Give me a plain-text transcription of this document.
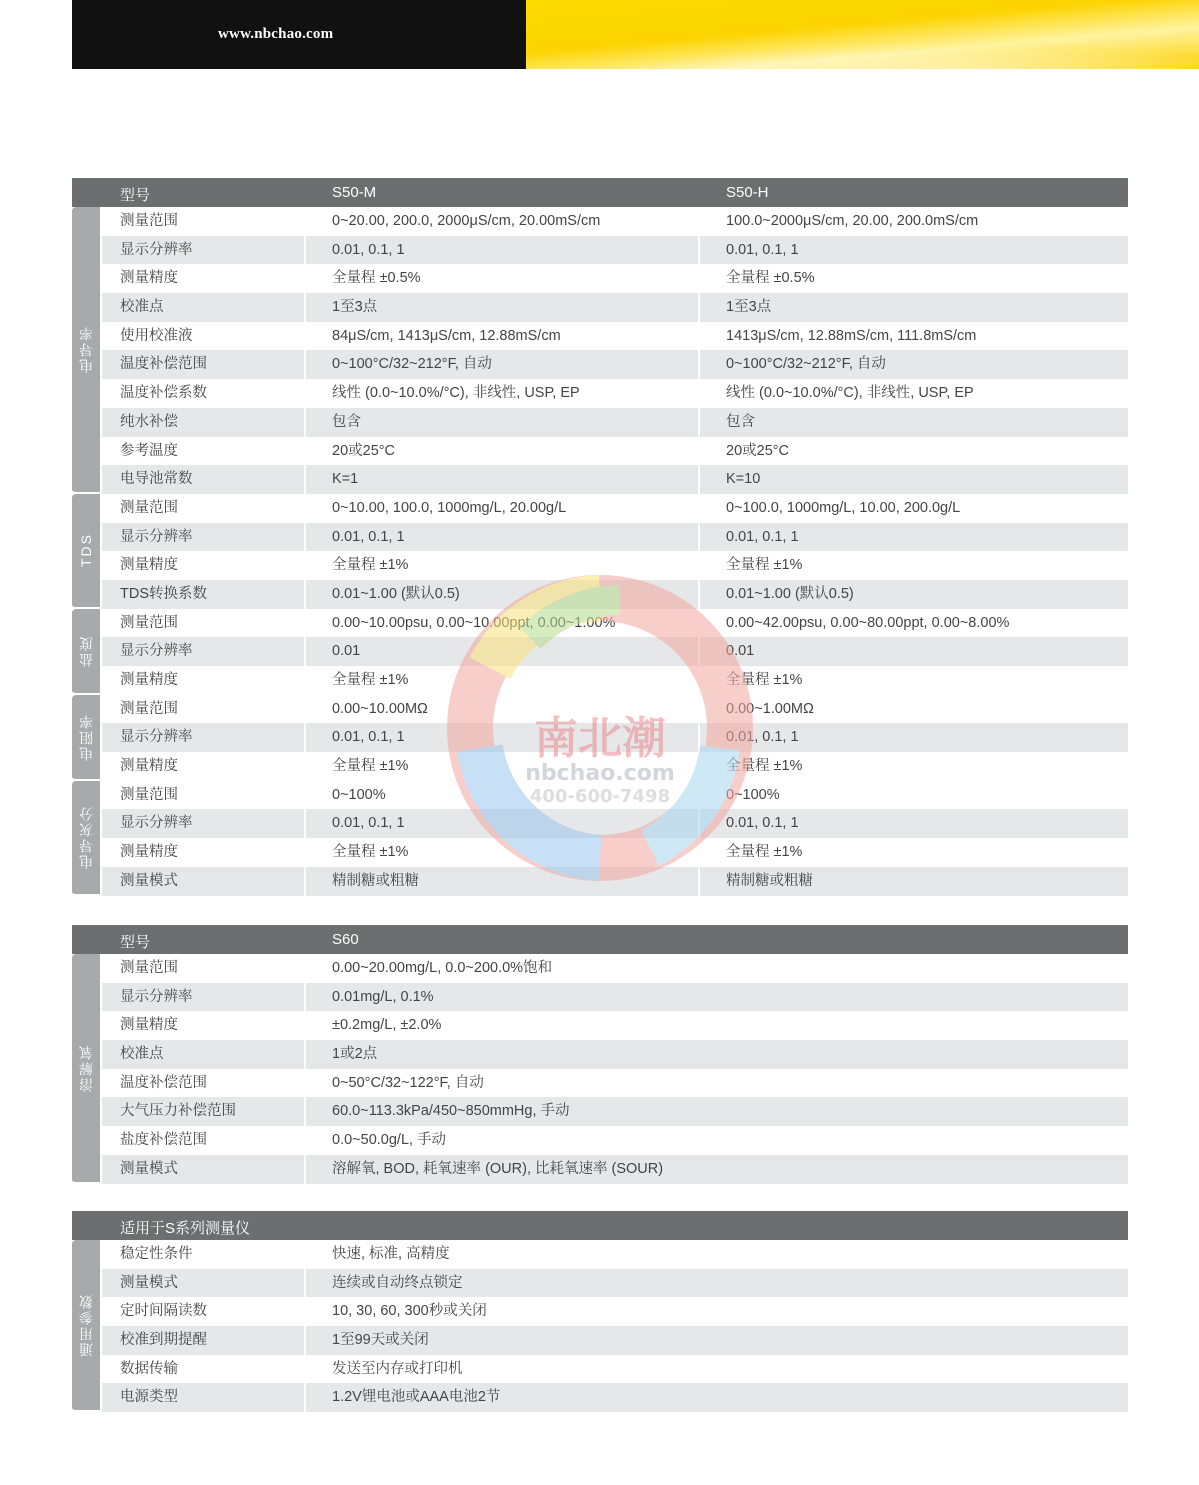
www.nbchao.com
型号	S50-M	S50-H
电导率
测量范围	0~20.00, 200.0, 2000μS/cm, 20.00mS/cm	100.0~2000μS/cm, 20.00, 200.0mS/cm
显示分辨率	0.01, 0.1, 1	0.01, 0.1, 1
测量精度	全量程 ±0.5%	全量程 ±0.5%
校准点	1至3点	1至3点
使用校准液	84μS/cm, 1413μS/cm, 12.88mS/cm	1413μS/cm, 12.88mS/cm, 111.8mS/cm
温度补偿范围	0~100°C/32~212°F, 自动	0~100°C/32~212°F, 自动
温度补偿系数	线性 (0.0~10.0%/°C), 非线性, USP, EP	线性 (0.0~10.0%/°C), 非线性, USP, EP
纯水补偿	包含	包含
参考温度	20或25°C	20或25°C
电导池常数	K=1	K=10
TDS
测量范围	0~10.00, 100.0, 1000mg/L, 20.00g/L	0~100.0, 1000mg/L, 10.00, 200.0g/L
显示分辨率	0.01, 0.1, 1	0.01, 0.1, 1
测量精度	全量程 ±1%	全量程 ±1%
TDS转换系数	0.01~1.00 (默认0.5)	0.01~1.00 (默认0.5)
盐度
测量范围	0.00~10.00psu, 0.00~10.00ppt, 0.00~1.00%	0.00~42.00psu, 0.00~80.00ppt, 0.00~8.00%
显示分辨率	0.01	0.01
测量精度	全量程 ±1%	全量程 ±1%
电阻率
测量范围	0.00~10.00MΩ	0.00~1.00MΩ
显示分辨率	0.01, 0.1, 1	0.01, 0.1, 1
测量精度	全量程 ±1%	全量程 ±1%
电导灰分
测量范围	0~100%	0~100%
显示分辨率	0.01, 0.1, 1	0.01, 0.1, 1
测量精度	全量程 ±1%	全量程 ±1%
测量模式	精制糖或粗糖	精制糖或粗糖
型号	S60
溶解氧
测量范围	0.00~20.00mg/L, 0.0~200.0%饱和
显示分辨率	0.01mg/L, 0.1%
测量精度	±0.2mg/L, ±2.0%
校准点	1或2点
温度补偿范围	0~50°C/32~122°F, 自动
大气压力补偿范围	60.0~113.3kPa/450~850mmHg, 手动
盐度补偿范围	0.0~50.0g/L, 手动
测量模式	溶解氧, BOD, 耗氧速率 (OUR), 比耗氧速率 (SOUR)
适用于S系列测量仪
通用参数
稳定性条件	快速, 标准, 高精度
测量模式	连续或自动终点锁定
定时间隔读数	10, 30, 60, 300秒或关闭
校准到期提醒	1至99天或关闭
数据传输	发送至内存或打印机
电源类型	1.2V锂电池或AAA电池2节
南北潮
nbchao.com
400-600-7498
